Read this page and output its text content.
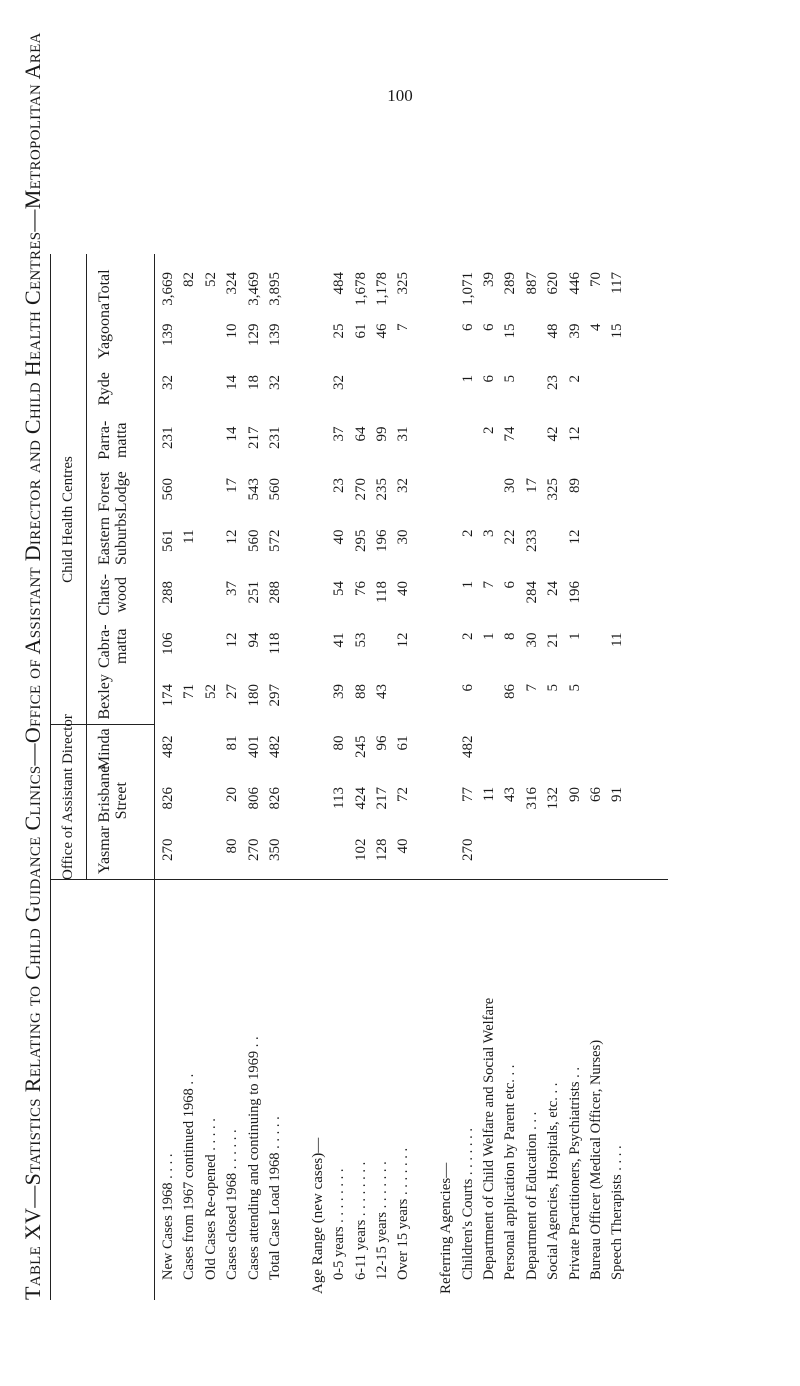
100
Table XV—Statistics Relating to Child Guidance Clinics—Office of Assistant Director and Child Health Centres—Metropolitan Area Office of Assistant Director
Child Health Centres
Yasmar
Brisbane Street
Minda
Bexley
Cabra-matta
Chats-wood
Eastern Suburbs
Forest Lodge
Parra-matta
Ryde
Yagoona
Total
New Cases 1968 . . . .
270
826
482
174
106
288
561
560
231
32
139
3,669
Cases from 1967 continued 1968 . .
71
11
82
Old Cases Re-opened . . . . .
52
52
Cases closed 1968 . . . . . .
80
20
81
27
12
37
12
17
14
14
10
324
Cases attending and continuing to 1969 . .
270
806
401
180
94
251
560
543
217
18
129
3,469
Total Case Load 1968 . . . . .
350
826
482
297
118
288
572
560
231
32
139
3,895
Age Range (new cases)— 0-5 years . . . . . . . .
113
80
39
41
54
40
23
37
32
25
484
6-11 years . . . . . . . .
102
424
245
88
53
76
295
270
64
61
1,678
12-15 years . . . . . . .
128
217
96
43
118
196
235
99
46
1,178
Over 15 years . . . . . . .
40
72
61
12
40
30
32
31
7
325
Referring Agencies— Children's Courts . . . . . . .
270
77
482
6
2
1
2
1
6
1,071
Department of Child Welfare and Social Welfare
11
1
7
3
2
6
6
39
Personal application by Parent etc. . .
43
86
8
6
22
30
74
5
15
289
Department of Education . . .
316
7
30
284
233
17
887
Social Agencies, Hospitals, etc. . .
132
5
21
24
325
42
23
48
620
Private Practitioners, Psychiatrists . .
90
5
1
196
12
89
12
2
39
446
Bureau Officer (Medical Officer, Nurses)
66
4
70
Speech Therapists . . . .
91
11
15
117
